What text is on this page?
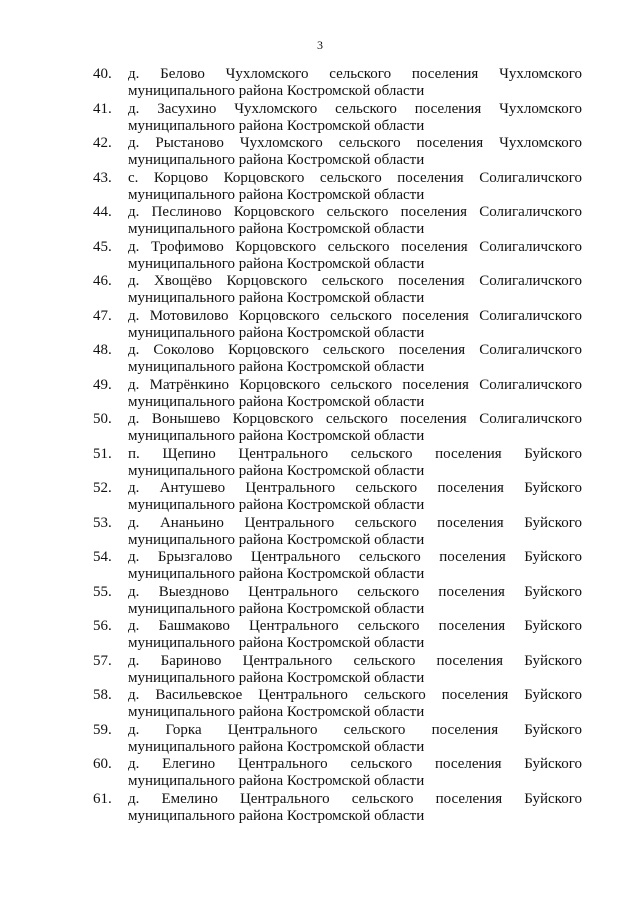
3
40. д. Белово Чухломского сельского поселения Чухломского
муниципального района Костромской области
41. д. Засухино Чухломского сельского поселения Чухломского
муниципального района Костромской области
42. д. Рыстаново Чухломского сельского поселения Чухломского
муниципального района Костромской области
43. с. Корцово Корцовского сельского поселения Солигаличского
муниципального района Костромской области
44. д. Песлиново Корцовского сельского поселения Солигаличского
муниципального района Костромской области
45. д. Трофимово Корцовского сельского поселения Солигаличского
муниципального района Костромской области
46. д. Хвощёво Корцовского сельского поселения Солигаличского
муниципального района Костромской области
47. д. Мотовилово Корцовского сельского поселения Солигаличского
муниципального района Костромской области
48. д. Соколово Корцовского сельского поселения Солигаличского
муниципального района Костромской области
49. д. Матрёнкино Корцовского сельского поселения Солигаличского
муниципального района Костромской области
50. д. Вонышево Корцовского сельского поселения Солигаличского
муниципального района Костромской области
51. п. Щепино Центрального сельского поселения Буйского
муниципального района Костромской области
52. д. Антушево Центрального сельского поселения Буйского
муниципального района Костромской области
53. д. Ананьино Центрального сельского поселения Буйского
муниципального района Костромской области
54. д. Брызгалово Центрального сельского поселения Буйского
муниципального района Костромской области
55. д. Выездново Центрального сельского поселения Буйского
муниципального района Костромской области
56. д. Башмаково Центрального сельского поселения Буйского
муниципального района Костромской области
57. д. Бариново Центрального сельского поселения Буйского
муниципального района Костромской области
58. д. Васильевское Центрального сельского поселения Буйского
муниципального района Костромской области
59. д. Горка Центрального сельского поселения Буйского
муниципального района Костромской области
60. д. Елегино Центрального сельского поселения Буйского
муниципального района Костромской области
61. д. Емелино Центрального сельского поселения Буйского
муниципального района Костромской области
